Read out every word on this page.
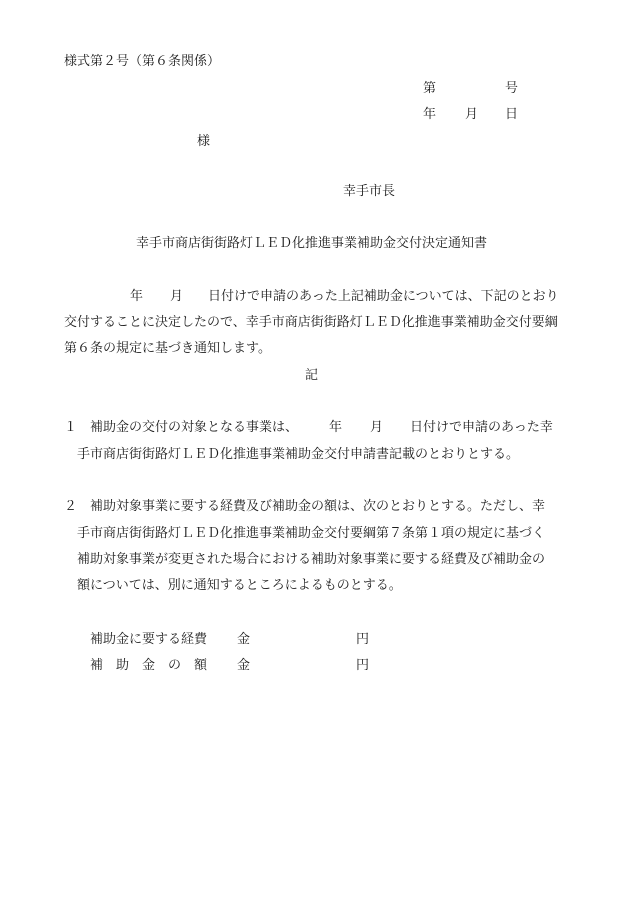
様式第２号（第６条関係）
第	号
年 月 日
様
幸手市長
幸手市商店街街路灯ＬＥＤ化推進事業補助金交付決定通知書
年 月 日付けで申請のあった上記補助金については、下記のとおり
交付することに決定したので、幸手市商店街街路灯ＬＥＤ化推進事業補助金交付要綱
第６条の規定に基づき通知します。
記
１ 補助金の交付の対象となる事業は、 年 月 日付けで申請のあった幸
手市商店街街路灯ＬＥＤ化推進事業補助金交付申請書記載のとおりとする。
２ 補助対象事業に要する経費及び補助金の額は、次のとおりとする。ただし、幸
手市商店街街路灯ＬＥＤ化推進事業補助金交付要綱第７条第１項の規定に基づく
補助対象事業が変更された場合における補助対象事業に要する経費及び補助金の
額については、別に通知するところによるものとする。
補助金に要する経費 金	円
補　助　金　の　額 金	円
